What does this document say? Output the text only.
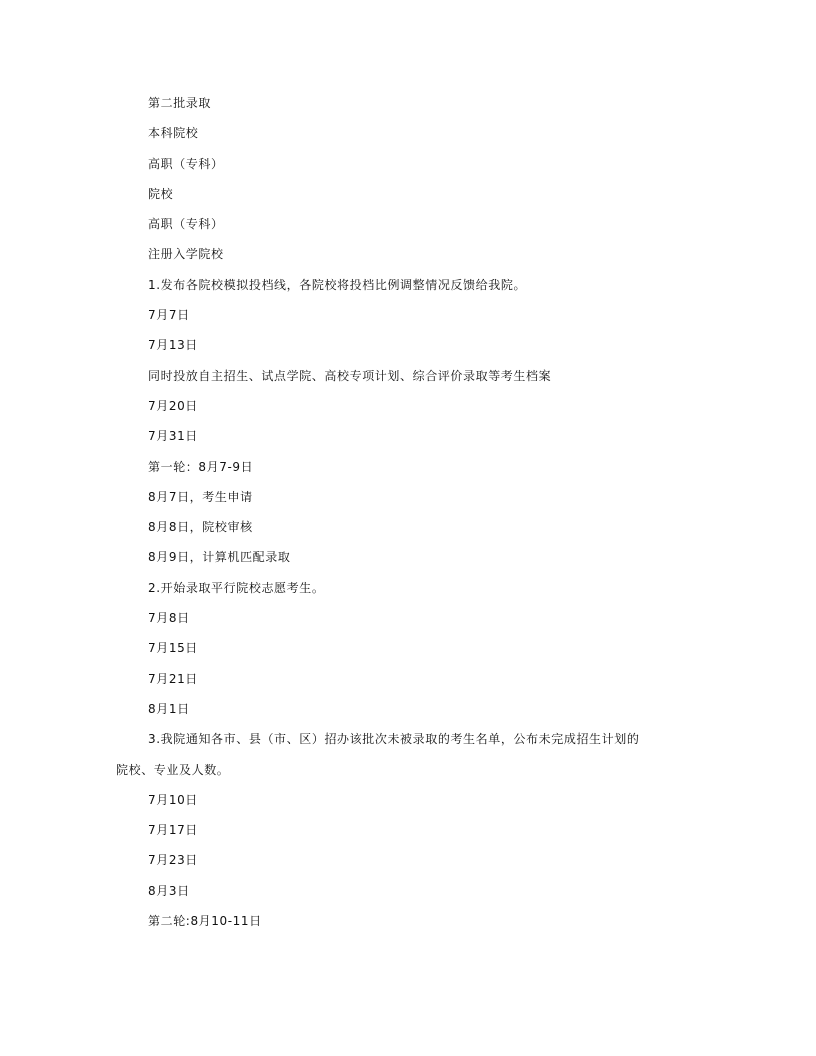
第二批录取
本科院校
高职（专科）
院校
高职（专科）
注册入学院校
1.发布各院校模拟投档线，各院校将投档比例调整情况反馈给我院。
7月7日
7月13日
同时投放自主招生、试点学院、高校专项计划、综合评价录取等考生档案
7月20日
7月31日
第一轮：8月7-9日
8月7日，考生申请
8月8日，院校审核
8月9日，计算机匹配录取
2.开始录取平行院校志愿考生。
7月8日
7月15日
7月21日
8月1日
3.我院通知各市、县（市、区）招办该批次未被录取的考生名单，公布未完成招生计划的
院校、专业及人数。
7月10日
7月17日
7月23日
8月3日
第二轮:8月10-11日
